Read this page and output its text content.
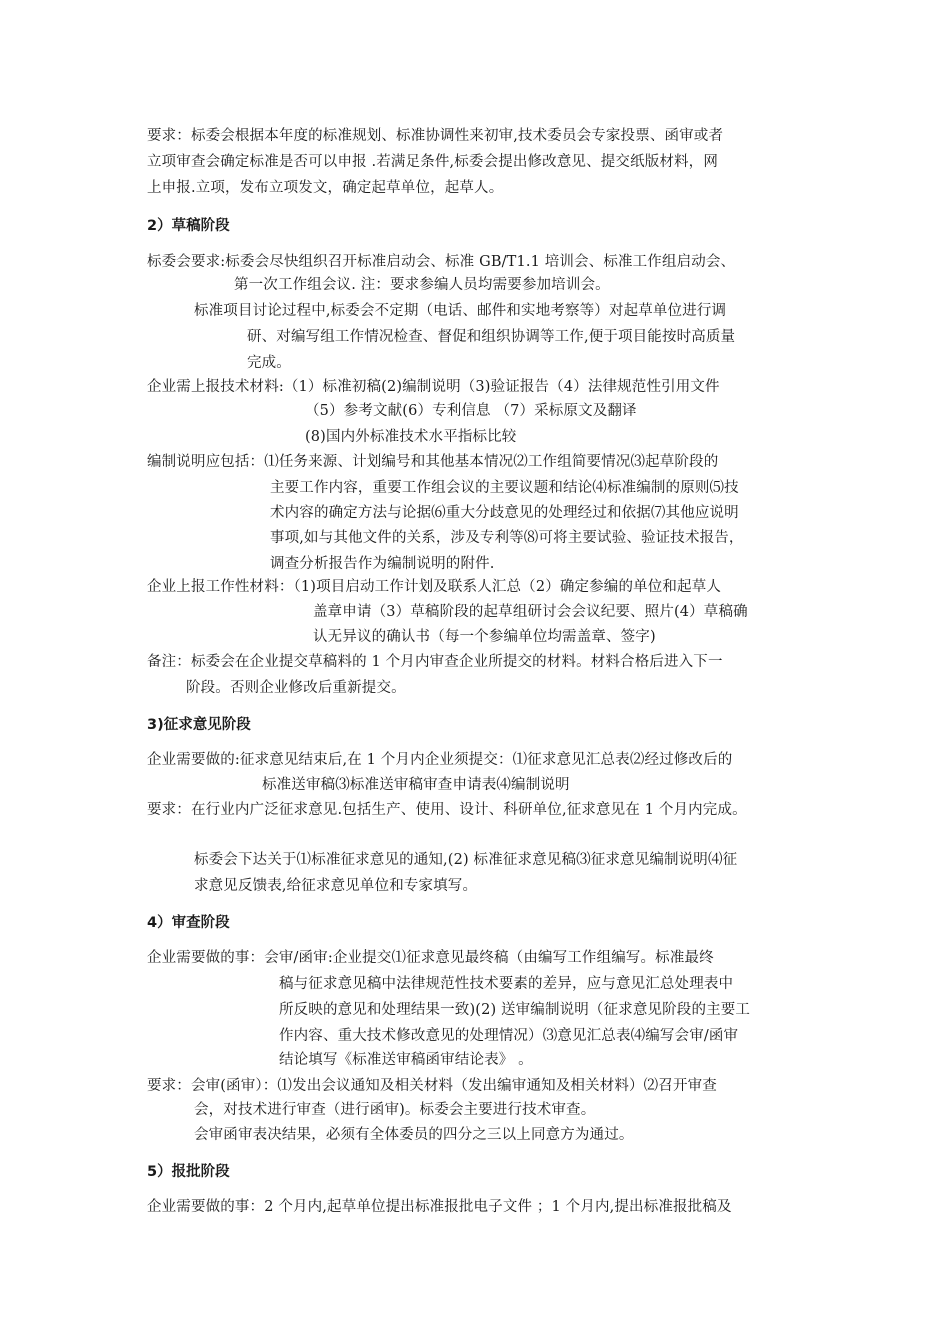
要求：标委会根据本年度的标准规划、标准协调性来初审,技术委员会专家投票、函审或者
立项审查会确定标准是否可以申报 .若满足条件,标委会提出修改意见、提交纸版材料，网
上申报.立项，发布立项发文，确定起草单位，起草人。
2）草稿阶段
标委会要求:标委会尽快组织召开标准启动会、标准 GB/T1.1 培训会、标准工作组启动会、
第一次工作组会议. 注：要求参编人员均需要参加培训会。
标准项目讨论过程中,标委会不定期（电话、邮件和实地考察等）对起草单位进行调
研、对编写组工作情况检查、督促和组织协调等工作,便于项目能按时高质量
完成。
企业需上报技术材料:（1）标准初稿(2)编制说明（3)验证报告（4）法律规范性引用文件
（5）参考文献(6）专利信息 （7）采标原文及翻译
(8)国内外标准技术水平指标比较
编制说明应包括：⑴任务来源、计划编号和其他基本情况⑵工作组简要情况⑶起草阶段的
主要工作内容，重要工作组会议的主要议题和结论⑷标准编制的原则⑸技
术内容的确定方法与论据⑹重大分歧意见的处理经过和依据⑺其他应说明
事项,如与其他文件的关系，涉及专利等⑻可将主要试验、验证技术报告，
调查分析报告作为编制说明的附件.
企业上报工作性材料：（1)项目启动工作计划及联系人汇总（2）确定参编的单位和起草人
盖章申请（3）草稿阶段的起草组研讨会会议纪要、照片(4）草稿确
认无异议的确认书（每一个参编单位均需盖章、签字)
备注：标委会在企业提交草稿料的 1 个月内审查企业所提交的材料。材料合格后进入下一
阶段。否则企业修改后重新提交。
3)征求意见阶段
企业需要做的:征求意见结束后,在 1 个月内企业须提交：⑴征求意见汇总表⑵经过修改后的
标准送审稿⑶标准送审稿审查申请表⑷编制说明
要求：在行业内广泛征求意见.包括生产、使用、设计、科研单位,征求意见在 1 个月内完成。
标委会下达关于⑴标准征求意见的通知,(2) 标准征求意见稿⑶征求意见编制说明⑷征
求意见反馈表,给征求意见单位和专家填写。
4）审查阶段
企业需要做的事：会审/函审:企业提交⑴征求意见最终稿（由编写工作组编写。标准最终
稿与征求意见稿中法律规范性技术要素的差异，应与意见汇总处理表中
所反映的意见和处理结果一致)(2) 送审编制说明（征求意见阶段的主要工
作内容、重大技术修改意见的处理情况）⑶意见汇总表⑷编写会审/函审
结论填写《标准送审稿函审结论表》 。
要求：会审(函审）：⑴发出会议通知及相关材料（发出编审通知及相关材料）⑵召开审查
会，对技术进行审查（进行函审)。标委会主要进行技术审查。
会审函审表决结果，必须有全体委员的四分之三以上同意方为通过。
5）报批阶段
企业需要做的事：2 个月内,起草单位提出标准报批电子文件 ；1 个月内,提出标准报批稿及
